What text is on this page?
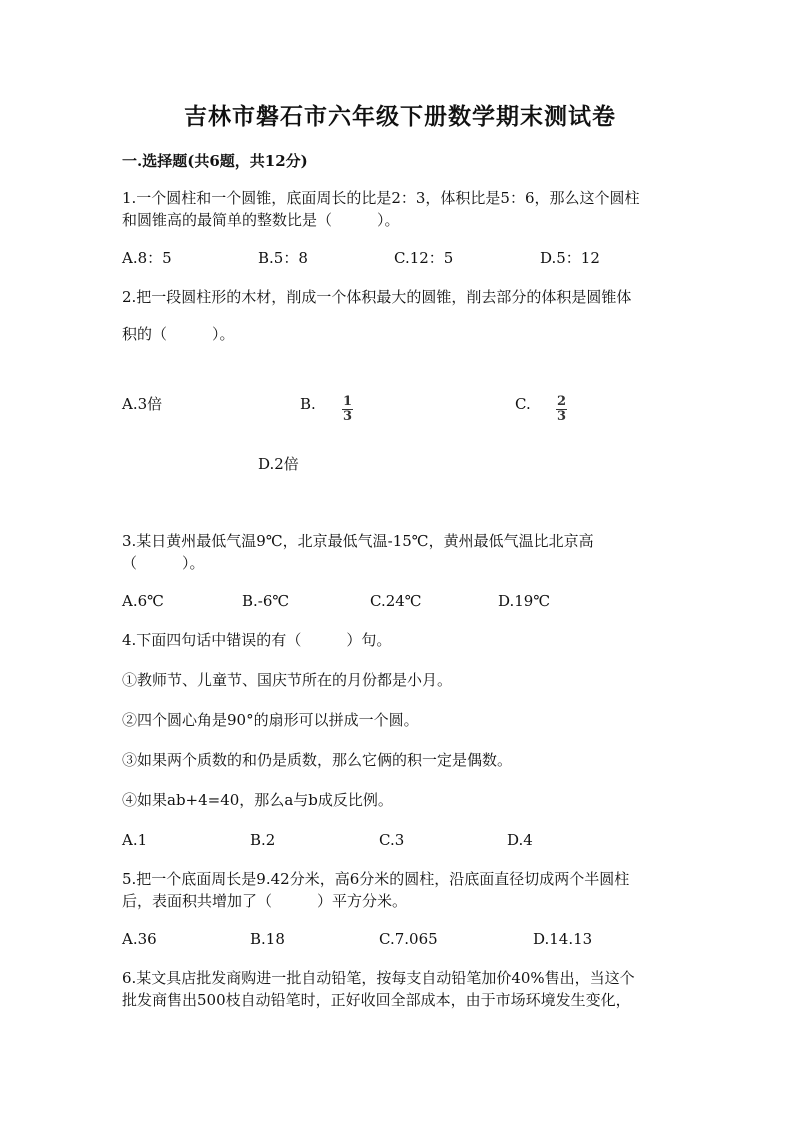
吉林市磐石市六年级下册数学期末测试卷
一.选择题(共6题，共12分)
1.一个圆柱和一个圆锥，底面周长的比是2：3，体积比是5：6，那么这个圆柱
和圆锥高的最简单的整数比是（　　　）。
A.8：5	B.5：8	C.12：5	D.5：12
2.把一段圆柱形的木材，削成一个体积最大的圆锥，削去部分的体积是圆锥体
积的（　　　）。
A.3倍	B. $\frac{1}{3}$	C. $\frac{2}{3}$
D.2倍
3.某日黄州最低气温9℃，北京最低气温-15℃，黄州最低气温比北京高
（　　　）。
A.6℃	B.-6℃	C.24℃	D.19℃
4.下面四句话中错误的有（　　　）句。
①教师节、儿童节、国庆节所在的月份都是小月。
②四个圆心角是90°的扇形可以拼成一个圆。
③如果两个质数的和仍是质数，那么它俩的积一定是偶数。
④如果ab+4=40，那么a与b成反比例。
A.1	B.2	C.3	D.4
5.把一个底面周长是9.42分米，高6分米的圆柱，沿底面直径切成两个半圆柱
后，表面积共增加了（　　　）平方分米。
A.36	B.18	C.7.065	D.14.13
6.某文具店批发商购进一批自动铅笔，按每支自动铅笔加价40%售出，当这个
批发商售出500枝自动铅笔时，正好收回全部成本，由于市场环境发生变化，
